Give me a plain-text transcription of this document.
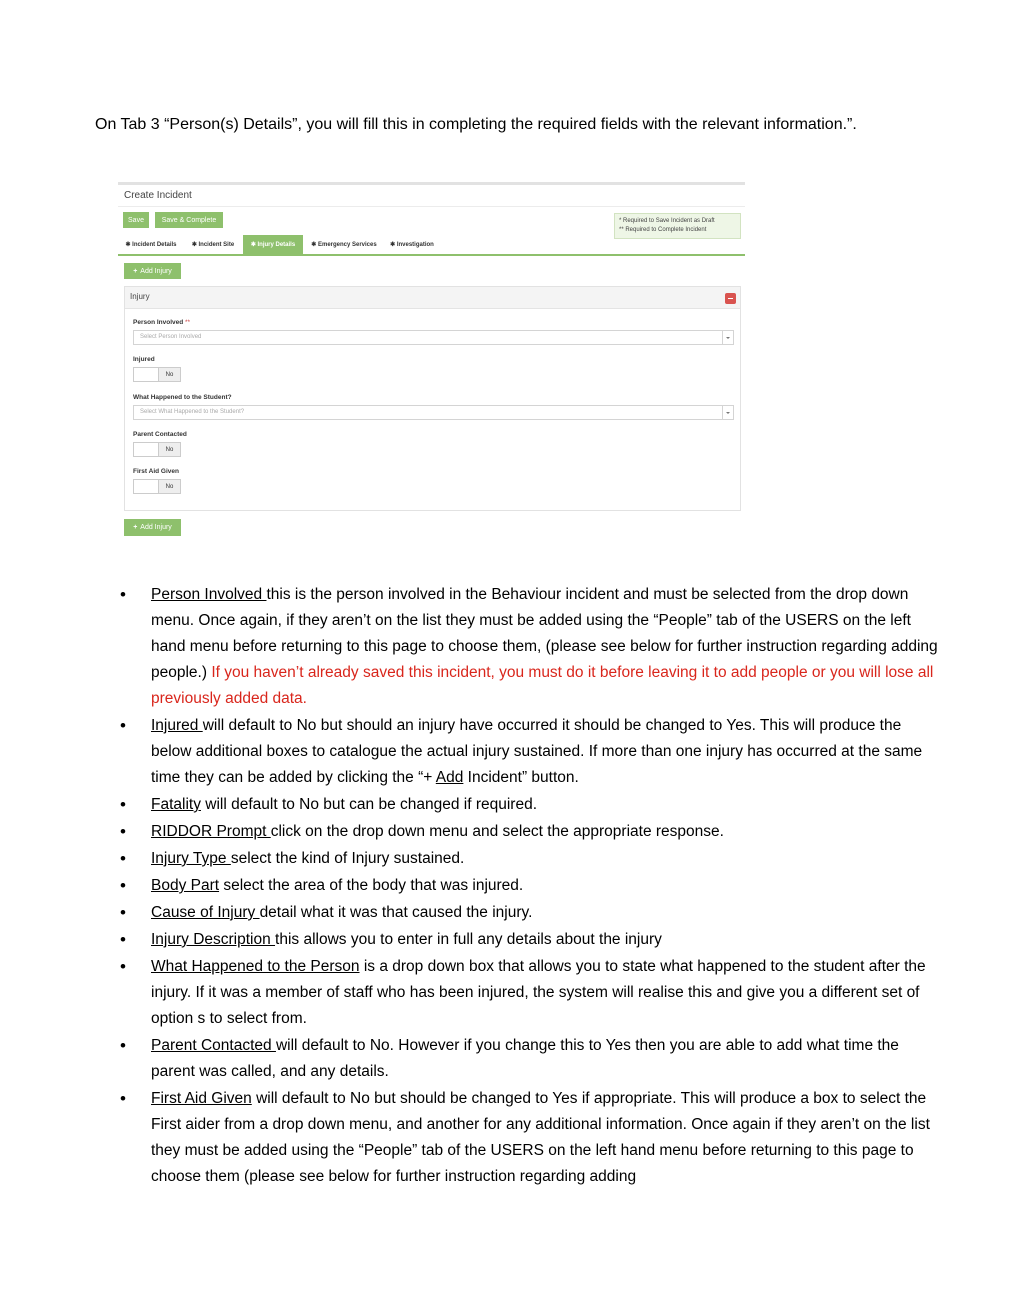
On Tab 3 “Person(s) Details”, you will fill this in completing the required fields with the relevant information.”.

Create Incident
Save	Save & Complete	* Required to Save Incident as Draft
** Required to Complete Incident
✱ Incident Details	✱ Incident Site	✱ Injury Details	✱ Emergency Services	✱ Investigation
+ Add Injury
Injury
Person Involved **
Select Person Involved
Injured
No
What Happened to the Student?
Select What Happened to the Student?
Parent Contacted
No
First Aid Given
No
+ Add Injury
• Person Involved this is the person involved in the Behaviour incident and must be selected from the drop down menu. Once again, if they aren’t on the list they must be added using the “People” tab of the USERS on the left hand menu before returning to this page to choose them, (please see below for further instruction regarding adding people.) If you haven’t already saved this incident, you must do it before leaving it to add people or you will lose all previously added data.
• Injured will default to No but should an injury have occurred it should be changed to Yes. This will produce the below additional boxes to catalogue the actual injury sustained. If more than one injury has occurred at the same time they can be added by clicking the “+ Add Incident” button.
• Fatality will default to No but can be changed if required.
• RIDDOR Prompt click on the drop down menu and select the appropriate response.
• Injury Type select the kind of Injury sustained.
• Body Part select the area of the body that was injured.
• Cause of Injury detail what it was that caused the injury.
• Injury Description this allows you to enter in full any details about the injury
• What Happened to the Person is a drop down box that allows you to state what happened to the student after the injury. If it was a member of staff who has been injured, the system will realise this and give you a different set of option s to select from.
• Parent Contacted will default to No. However if you change this to Yes then you are able to add what time the parent was called, and any details.
• First Aid Given will default to No but should be changed to Yes if appropriate. This will produce a box to select the First aider from a drop down menu, and another for any additional information. Once again if they aren’t on the list they must be added using the “People” tab of the USERS on the left hand menu before returning to this page to choose them (please see below for further instruction regarding adding
